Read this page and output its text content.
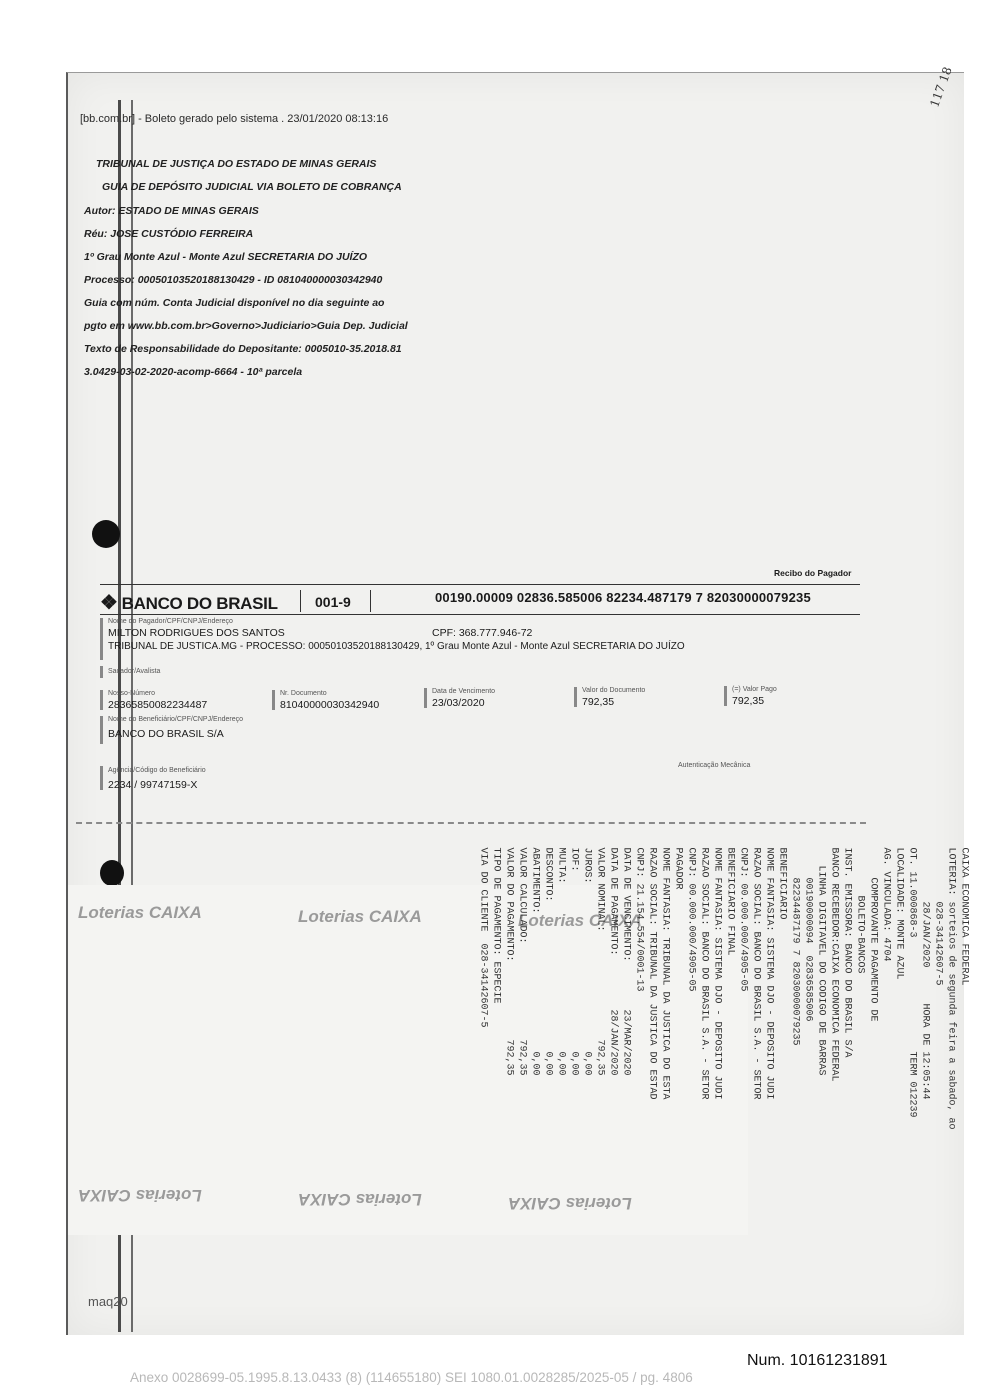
117 18
[bb.com.br] - Boleto gerado pelo sistema . 23/01/2020 08:13:16
TRIBUNAL DE JUSTIÇA DO ESTADO DE MINAS GERAIS
GUIA DE DEPÓSITO JUDICIAL VIA BOLETO DE COBRANÇA
Autor: ESTADO DE MINAS GERAIS
Réu: JOSE CUSTÓDIO FERREIRA
1º Grau Monte Azul - Monte Azul SECRETARIA DO JUÍZO
Processo: 00050103520188130429 - ID 081040000030342940
Guia com núm. Conta Judicial disponível no dia seguinte ao
pgto em www.bb.com.br>Governo>Judiciario>Guia Dep. Judicial
Texto de Responsabilidade do Depositante: 0005010-35.2018.81
3.0429-03-02-2020-acomp-6664 - 10ª parcela
Recibo do Pagador
❖ BANCO DO BRASIL	001-9	00190.00009 02836.585006 82234.487179 7 82030000079235
Nome do Pagador/CPF/CNPJ/Endereço
MILTON RODRIGUES DOS SANTOS	CPF: 368.777.946-72
TRIBUNAL DE JUSTICA.MG - PROCESSO: 00050103520188130429, 1º Grau Monte Azul - Monte Azul SECRETARIA DO JUÍZO
Sacador/Avalista
Nosso-Número
28365850082234487
Nr. Documento
81040000030342940
Data de Vencimento
23/03/2020
Valor do Documento
792,35
(=) Valor Pago
792,35
Nome do Beneficiário/CPF/CNPJ/Endereço
BANCO DO BRASIL S/A
Agência/Código do Beneficiário
2234 / 99747159-X
Autenticação Mecânica
Loterias CAIXA	Loterias CAIXA	Loterias CAIXA
Loterias CAIXA	Loterias CAIXA	Loterias CAIXA
CAIXA ECONOMICA FEDERAL
LOTERIA: sorteios de segunda feira a sabado, ao
028-34142607-5
28/JAN/2020      HORA DE 12:05:44
OT. 11.000868-3                   TERM 012239
LOCALIDADE: MONTE AZUL
AG. VINCULADA: 4704
COMPROVANTE PAGAMENTO DE
BOLETO-BANCOS
INST. EMISSORA: BANCO DO BRASIL S/A
BANCO RECEBEDOR:CAIXA ECONOMICA FEDERAL
LINHA DIGITAVEL DO CODIGO DE BARRAS
00190000094  02836585006
82234487179 7 82030000079235
BENEFICIARIO
NOME FANTASIA: SISTEMA DJO - DEPOSITO JUDI
RAZAO SOCIAL: BANCO DO BRASIL S.A. - SETOR
CNPJ: 00.000.000/4905-05
BENEFICIARIO FINAL
NOME FANTASIA: SISTEMA DJO - DEPOSITO JUDI
RAZAO SOCIAL: BANCO DO BRASIL S.A. - SETOR
CNPJ: 00.000.000/4905-05
PAGADOR
NOME FANTASIA: TRIBUNAL DA JUSTICA DO ESTA
RAZAO SOCIAL: TRIBUNAL DA JUSTICA DO ESTAD
CNPJ: 21.154.554/0001-13
DATA DE VENCIMENTO:        23/MAR/2020
DATA DE PAGAMENTO:         28/JAN/2020
VALOR NOMINAL:                  792,35
JUROS:                            0,00
IOF:                              0,00
MULTA:                            0,00
DESCONTO:                         0,00
ABATIMENTO:                       0,00
VALOR CALCULADO:                792,35
VALOR DO PAGAMENTO:             792,35
TIPO DE PAGAMENTO: ESPECIE
VIA DO CLIENTE  028-34142607-5
maq20
Num. 10161231891
Anexo 0028699-05.1995.8.13.0433 (8) (114655180) SEI 1080.01.0028285/2025-05 / pg. 4806
